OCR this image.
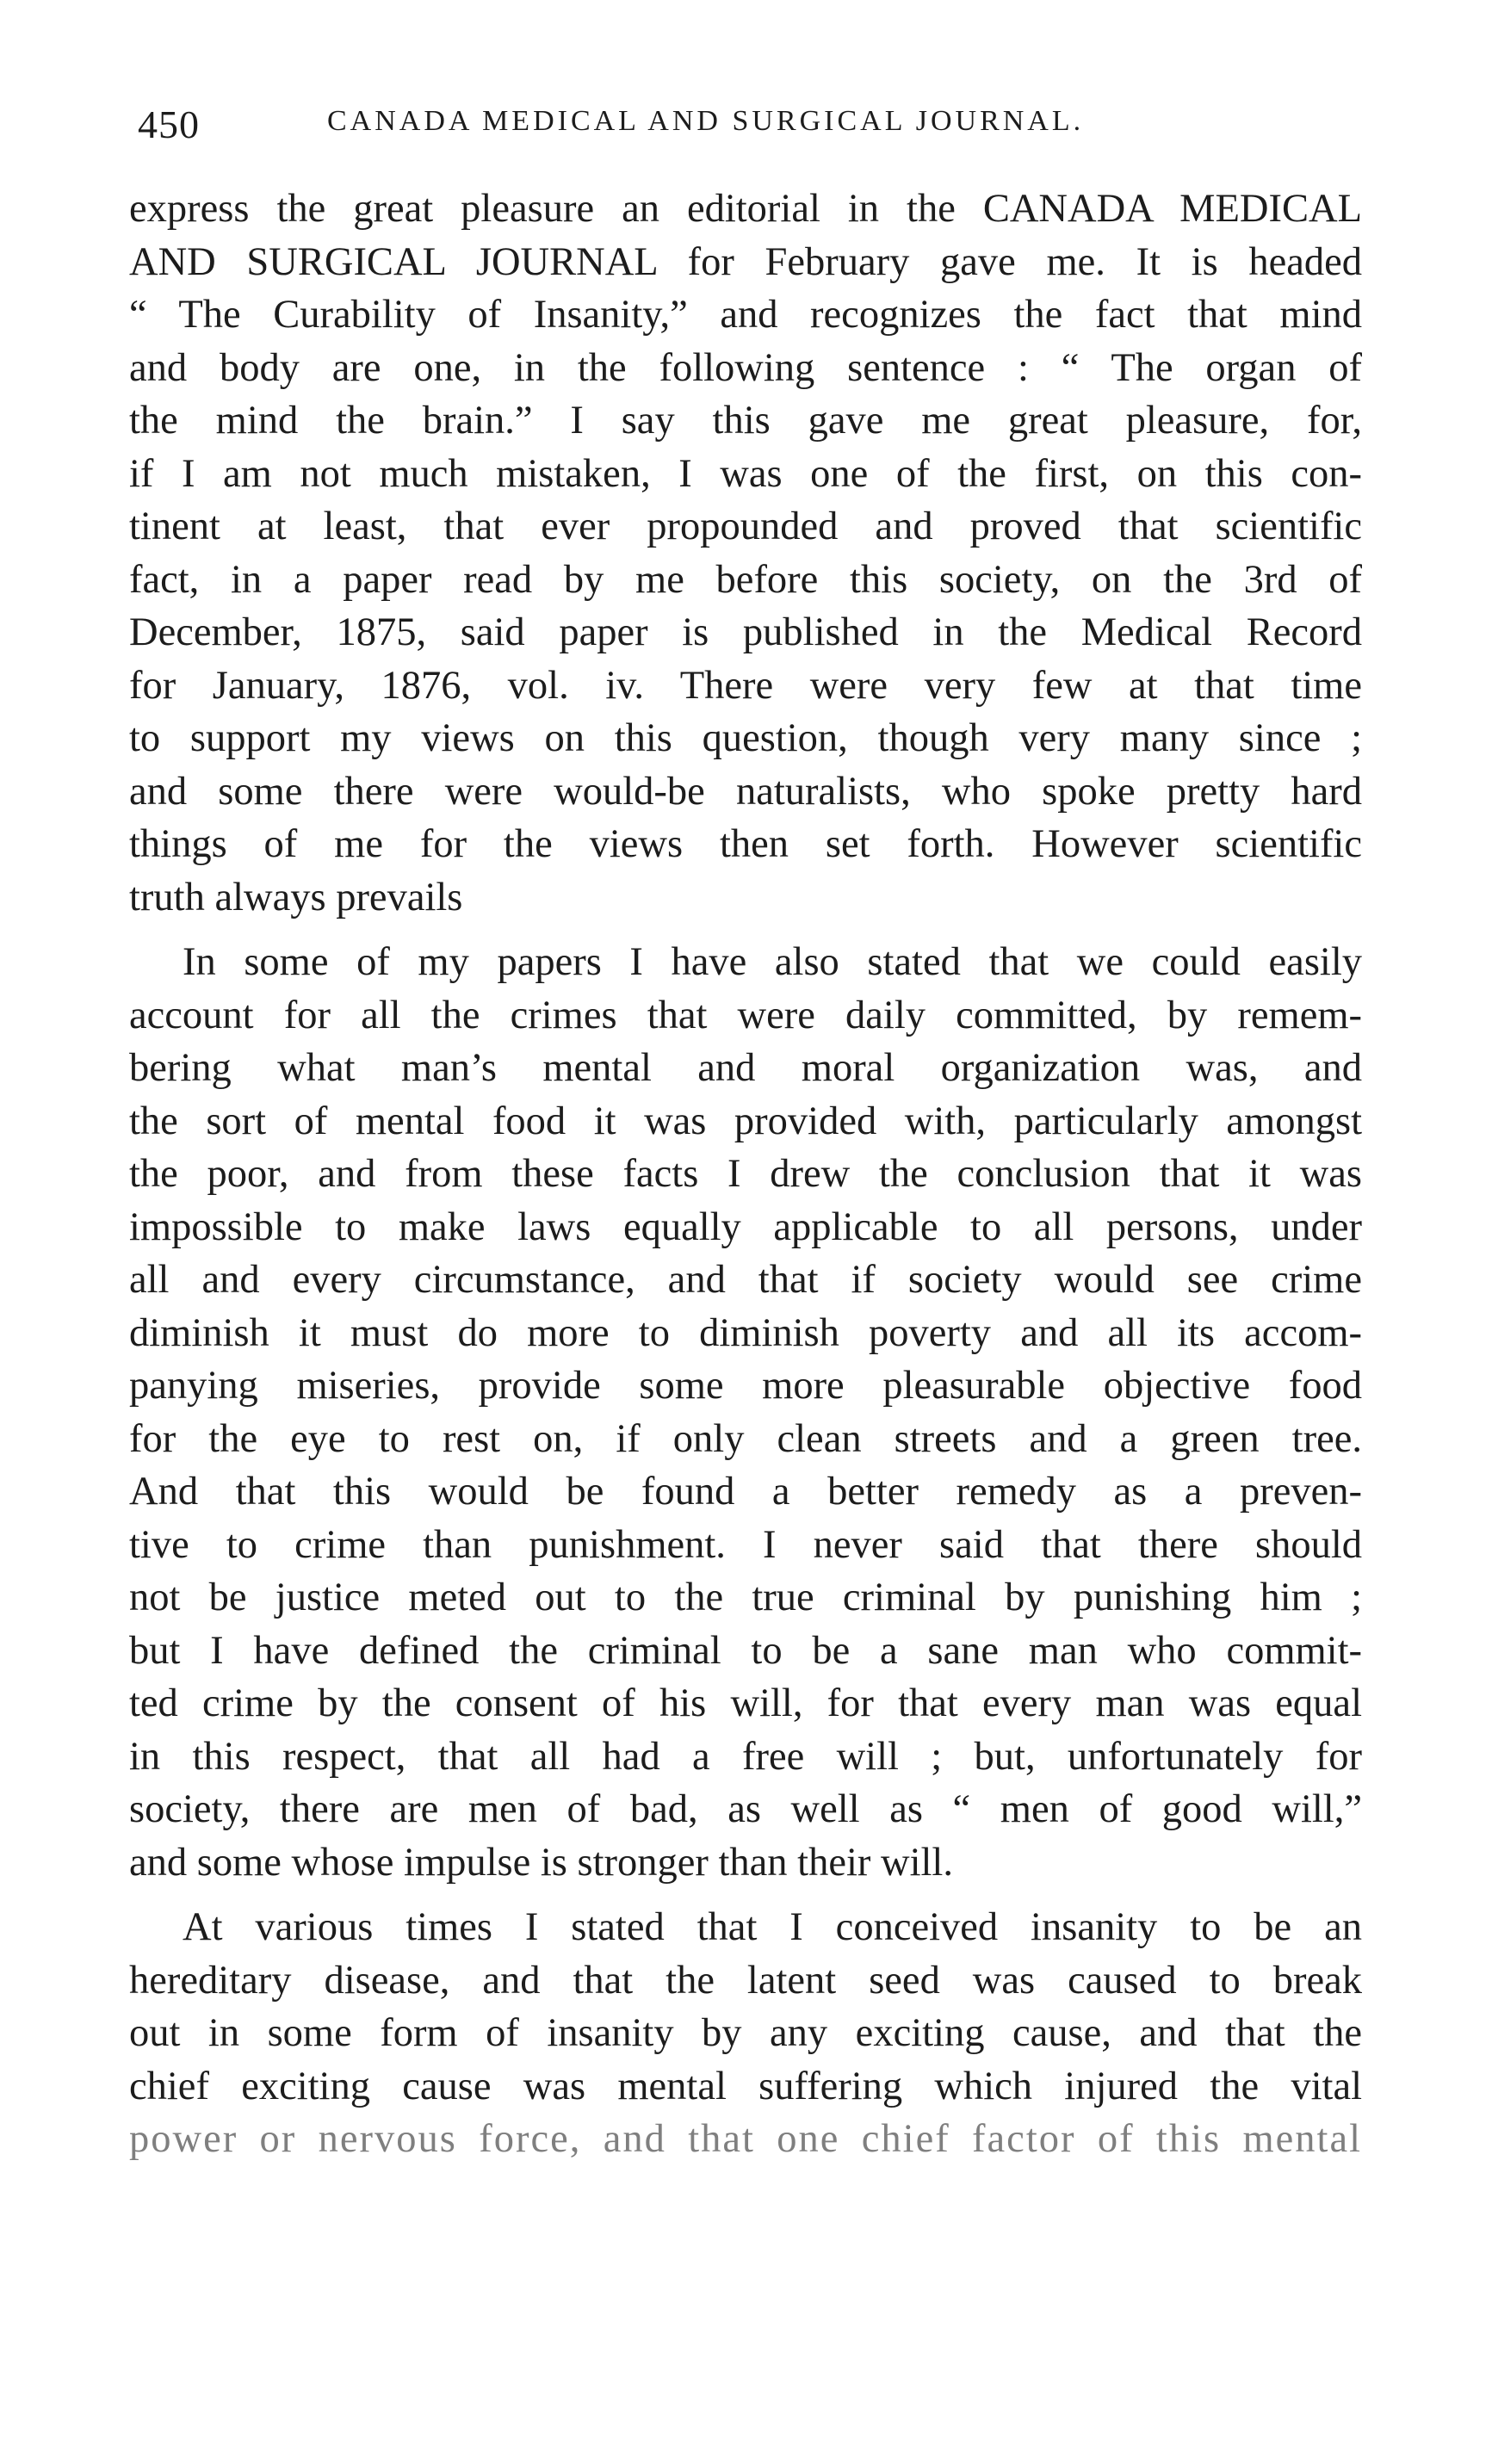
450	CANADA MEDICAL AND SURGICAL JOURNAL.
express the great pleasure an editorial in the CANADA MEDICAL
AND SURGICAL JOURNAL for February gave me. It is headed
“ The Curability of Insanity,” and recognizes the fact that mind
and body are one, in the following sentence : “ The organ of
the mind the brain.” I say this gave me great pleasure, for,
if I am not much mistaken, I was one of the first, on this con-
tinent at least, that ever propounded and proved that scientific
fact, in a paper read by me before this society, on the 3rd of
December, 1875, said paper is published in the Medical Record
for January, 1876, vol. iv. There were very few at that time
to support my views on this question, though very many since ;
and some there were would-be naturalists, who spoke pretty hard
things of me for the views then set forth. However scientific
truth always prevails
In some of my papers I have also stated that we could easily
account for all the crimes that were daily committed, by remem-
bering what man’s mental and moral organization was, and
the sort of mental food it was provided with, particularly amongst
the poor, and from these facts I drew the conclusion that it was
impossible to make laws equally applicable to all persons, under
all and every circumstance, and that if society would see crime
diminish it must do more to diminish poverty and all its accom-
panying miseries, provide some more pleasurable objective food
for the eye to rest on, if only clean streets and a green tree.
And that this would be found a better remedy as a preven-
tive to crime than punishment. I never said that there should
not be justice meted out to the true criminal by punishing him ;
but I have defined the criminal to be a sane man who commit-
ted crime by the consent of his will, for that every man was equal
in this respect, that all had a free will ; but, unfortunately for
society, there are men of bad, as well as “ men of good will,”
and some whose impulse is stronger than their will.
At various times I stated that I conceived insanity to be an
hereditary disease, and that the latent seed was caused to break
out in some form of insanity by any exciting cause, and that the
chief exciting cause was mental suffering which injured the vital
power or nervous force, and that one chief factor of this mental
